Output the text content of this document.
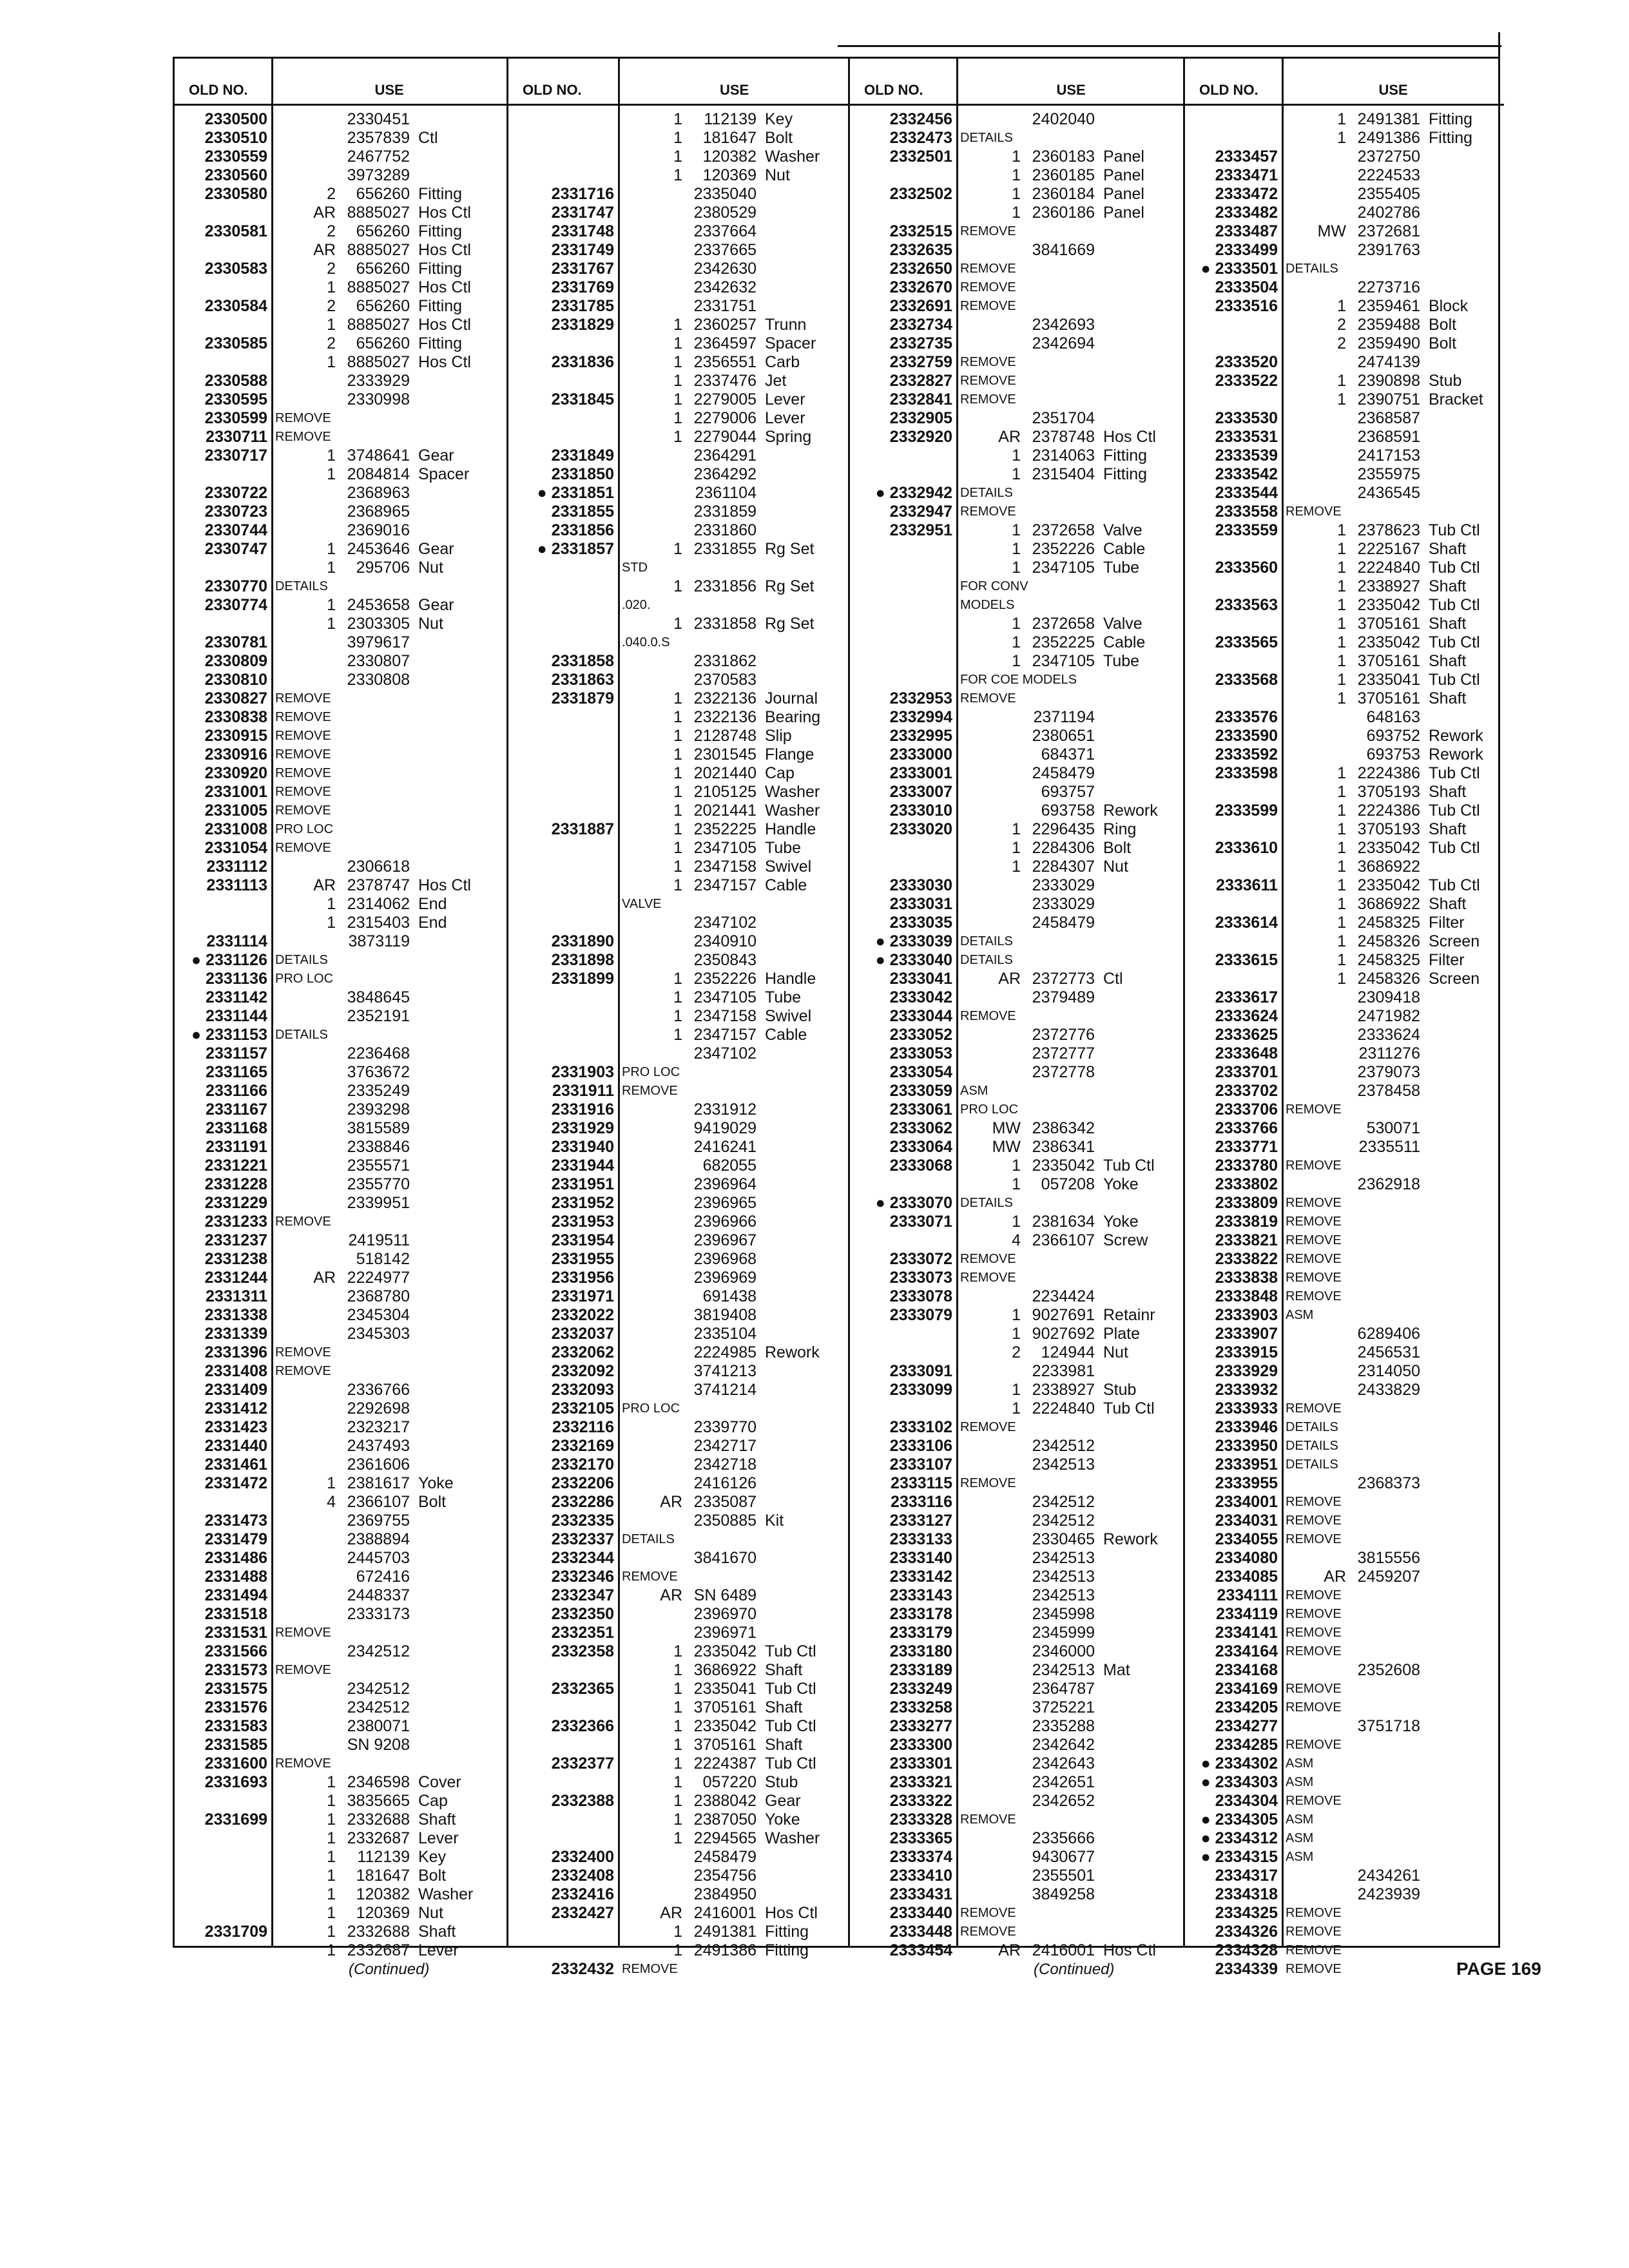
OLD NO.	USE
2330500	2330451
2330510	2357839 Ctl
2330559	2467752
2330560	3973289
2330580	2	656260 Fitting
AR 8885027 Hos Ctl
2330581	2	656260 Fitting
AR 8885027 Hos Ctl
2330583	2	656260 Fitting
1 8885027 Hos Ctl
2330584	2	656260 Fitting
1 8885027 Hos Ctl
2330585	2	656260 Fitting
1 8885027 Hos Ctl
2330588	2333929
2330595	2330998
2330599 REMOVE
2330711 REMOVE
2330717	1 3748641 Gear
1 2084814 Spacer
2330722	2368963
2330723	2368965
2330744	2369016
2330747	1 2453646 Gear
1	295706 Nut
2330770 DETAILS
2330774	1 2453658 Gear
1 2303305 Nut
2330781	3979617
2330809	2330807
2330810	2330808
2330827 REMOVE
2330838 REMOVE
2330915 REMOVE
2330916 REMOVE
2330920 REMOVE
2331001 REMOVE
2331005 REMOVE
2331008 PRO LOC
2331054 REMOVE
2331112	2306618
2331113	AR 2378747 Hos Ctl
1 2314062 End
1 2315403 End
2331114	3873119
● 2331126 DETAILS
2331136 PRO LOC
2331142	3848645
2331144	2352191
● 2331153 DETAILS
2331157	2236468
2331165	3763672
2331166	2335249
2331167	2393298
2331168	3815589
2331191	2338846
2331221	2355571
2331228	2355770
2331229	2339951
2331233 REMOVE
2331237	2419511
2331238	518142
2331244	AR 2224977
2331311	2368780
2331338	2345304
2331339	2345303
2331396 REMOVE
2331408 REMOVE
2331409	2336766
2331412	2292698
2331423	2323217
2331440	2437493
2331461	2361606
2331472	1 2381617 Yoke
4 2366107 Bolt
2331473	2369755
2331479	2388894
2331486	2445703
2331488	672416
2331494	2448337
2331518	2333173
2331531 REMOVE
2331566	2342512
2331573 REMOVE
2331575	2342512
2331576	2342512
2331583	2380071
2331585	SN 9208
2331600 REMOVE
2331693	1 2346598 Cover
1 3835665 Cap
2331699	1 2332688 Shaft
1 2332687 Lever
1	112139 Key
1	181647 Bolt
1	120382 Washer
1	120369 Nut
2331709	1 2332688 Shaft
1 2332687 Lever
(Continued)
OLD NO.	USE
1	112139 Key
1	181647 Bolt
1	120382 Washer
1	120369 Nut
2331716	2335040
2331747	2380529
2331748	2337664
2331749	2337665
2331767	2342630
2331769	2342632
2331785	2331751
2331829	1 2360257 Trunn
1 2364597 Spacer
2331836	1 2356551 Carb
1 2337476 Jet
2331845	1 2279005 Lever
1 2279006 Lever
1 2279044 Spring
2331849	2364291
2331850	2364292
● 2331851	2361104
2331855	2331859
2331856	2331860
● 2331857	1 2331855 Rg Set
STD
1 2331856 Rg Set
.020.
1 2331858 Rg Set
.040.0.S
2331858	2331862
2331863	2370583
2331879	1 2322136 Journal
1 2322136 Bearing
1 2128748 Slip
1 2301545 Flange
1 2021440 Cap
1 2105125 Washer
1 2021441 Washer
2331887	1 2352225 Handle
1 2347105 Tube
1 2347158 Swivel
1 2347157 Cable
VALVE
2347102
2331890	2340910
2331898	2350843
2331899	1 2352226 Handle
1 2347105 Tube
1 2347158 Swivel
1 2347157 Cable
2347102
2331903 PRO LOC
2331911 REMOVE
2331916	2331912
2331929	9419029
2331940	2416241
2331944	682055
2331951	2396964
2331952	2396965
2331953	2396966
2331954	2396967
2331955	2396968
2331956	2396969
2331971	691438
2332022	3819408
2332037	2335104
2332062	2224985 Rework
2332092	3741213
2332093	3741214
2332105 PRO LOC
2332116	2339770
2332169	2342717
2332170	2342718
2332206	2416126
2332286	AR 2335087
2332335	2350885 Kit
2332337 DETAILS
2332344	3841670
2332346 REMOVE
2332347	AR SN 6489
2332350	2396970
2332351	2396971
2332358	1 2335042 Tub Ctl
1 3686922 Shaft
2332365	1 2335041 Tub Ctl
1 3705161 Shaft
2332366	1 2335042 Tub Ctl
1 3705161 Shaft
2332377	1 2224387 Tub Ctl
1	057220 Stub
2332388	1 2388042 Gear
1 2387050 Yoke
1 2294565 Washer
2332400	2458479
2332408	2354756
2332416	2384950
2332427	AR 2416001 Hos Ctl
1 2491381 Fitting
1 2491386 Fitting
2332432 REMOVE
OLD NO.	USE
2332456	2402040
2332473 DETAILS
2332501	1 2360183 Panel
1 2360185 Panel
2332502	1 2360184 Panel
1 2360186 Panel
2332515 REMOVE
2332635	3841669
2332650 REMOVE
2332670 REMOVE
2332691 REMOVE
2332734	2342693
2332735	2342694
2332759 REMOVE
2332827 REMOVE
2332841 REMOVE
2332905	2351704
2332920	AR 2378748 Hos Ctl
1 2314063 Fitting
1 2315404 Fitting
● 2332942 DETAILS
2332947 REMOVE
2332951	1 2372658 Valve
1 2352226 Cable
1 2347105 Tube
FOR CONV
MODELS
1 2372658 Valve
1 2352225 Cable
1 2347105 Tube
FOR COE MODELS
2332953 REMOVE
2332994	2371194
2332995	2380651
2333000	684371
2333001	2458479
2333007	693757
2333010	693758 Rework
2333020	1 2296435 Ring
1 2284306 Bolt
1 2284307 Nut
2333030	2333029
2333031	2333029
2333035	2458479
● 2333039 DETAILS
● 2333040 DETAILS
2333041	AR 2372773 Ctl
2333042	2379489
2333044 REMOVE
2333052	2372776
2333053	2372777
2333054	2372778
2333059 ASM
2333061 PRO LOC
2333062 MW 2386342
2333064 MW 2386341
2333068	1 2335042 Tub Ctl
1	057208 Yoke
● 2333070 DETAILS
2333071	1 2381634 Yoke
4 2366107 Screw
2333072 REMOVE
2333073 REMOVE
2333078	2234424
2333079	1 9027691 Retainr
1 9027692 Plate
2	124944 Nut
2333091	2233981
2333099	1 2338927 Stub
1 2224840 Tub Ctl
2333102 REMOVE
2333106	2342512
2333107	2342513
2333115 REMOVE
2333116	2342512
2333127	2342512
2333133	2330465 Rework
2333140	2342513
2333142	2342513
2333143	2342513
2333178	2345998
2333179	2345999
2333180	2346000
2333189	2342513 Mat
2333249	2364787
2333258	3725221
2333277	2335288
2333300	2342642
2333301	2342643
2333321	2342651
2333322	2342652
2333328 REMOVE
2333365	2335666
2333374	9430677
2333410	2355501
2333431	3849258
2333440 REMOVE
2333448 REMOVE
2333454	AR 2416001 Hos Ctl
(Continued)
OLD NO.	USE
1 2491381 Fitting
1 2491386 Fitting
2333457	2372750
2333471	2224533
2333472	2355405
2333482	2402786
2333487 MW 2372681
2333499	2391763
● 2333501 DETAILS
2333504	2273716
2333516	1 2359461 Block
2 2359488 Bolt
2 2359490 Bolt
2333520	2474139
2333522	1 2390898 Stub
1 2390751 Bracket
2333530	2368587
2333531	2368591
2333539	2417153
2333542	2355975
2333544	2436545
2333558 REMOVE
2333559	1 2378623 Tub Ctl
1 2225167 Shaft
2333560	1 2224840 Tub Ctl
1 2338927 Shaft
2333563	1 2335042 Tub Ctl
1 3705161 Shaft
2333565	1 2335042 Tub Ctl
1 3705161 Shaft
2333568	1 2335041 Tub Ctl
1 3705161 Shaft
2333576	648163
2333590	693752 Rework
2333592	693753 Rework
2333598	1 2224386 Tub Ctl
1 3705193 Shaft
2333599	1 2224386 Tub Ctl
1 3705193 Shaft
2333610	1 2335042 Tub Ctl
1 3686922
2333611	1 2335042 Tub Ctl
1 3686922 Shaft
2333614	1 2458325 Filter
1 2458326 Screen
2333615	1 2458325 Filter
1 2458326 Screen
2333617	2309418
2333624	2471982
2333625	2333624
2333648	2311276
2333701	2379073
2333702	2378458
2333706 REMOVE
2333766	530071
2333771	2335511
2333780 REMOVE
2333802	2362918
2333809 REMOVE
2333819 REMOVE
2333821 REMOVE
2333822 REMOVE
2333838 REMOVE
2333848 REMOVE
2333903 ASM
2333907	6289406
2333915	2456531
2333929	2314050
2333932	2433829
2333933 REMOVE
2333946 DETAILS
2333950 DETAILS
2333951 DETAILS
2333955	2368373
2334001 REMOVE
2334031 REMOVE
2334055 REMOVE
2334080	3815556
2334085	AR 2459207
2334111 REMOVE
2334119 REMOVE
2334141 REMOVE
2334164 REMOVE
2334168	2352608
2334169 REMOVE
2334205 REMOVE
2334277	3751718
2334285 REMOVE
● 2334302 ASM
● 2334303 ASM
2334304 REMOVE
● 2334305 ASM
● 2334312 ASM
● 2334315 ASM
2334317	2434261
2334318	2423939
2334325 REMOVE
2334326 REMOVE
2334328 REMOVE
2334339 REMOVE	PAGE 169
